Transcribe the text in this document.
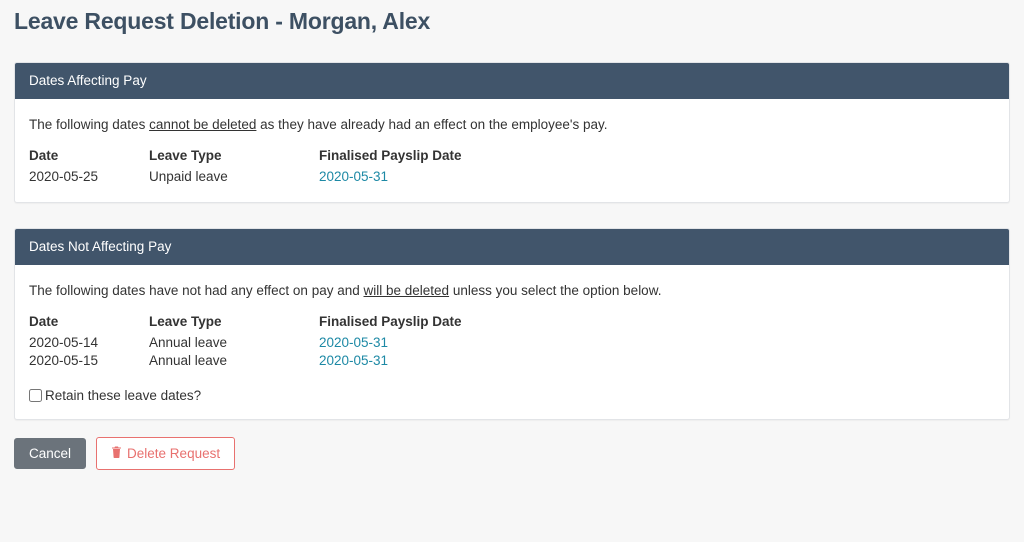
Leave Request Deletion - Morgan, Alex
Dates Affecting Pay
The following dates cannot be deleted as they have already had an effect on the employee's pay.
Date	Leave Type	Finalised Payslip Date
2020-05-25	Unpaid leave	2020-05-31
Dates Not Affecting Pay
The following dates have not had any effect on pay and will be deleted unless you select the option below.
Date	Leave Type	Finalised Payslip Date
2020-05-14	Annual leave	2020-05-31
2020-05-15	Annual leave	2020-05-31
Retain these leave dates?
Cancel	Delete Request
